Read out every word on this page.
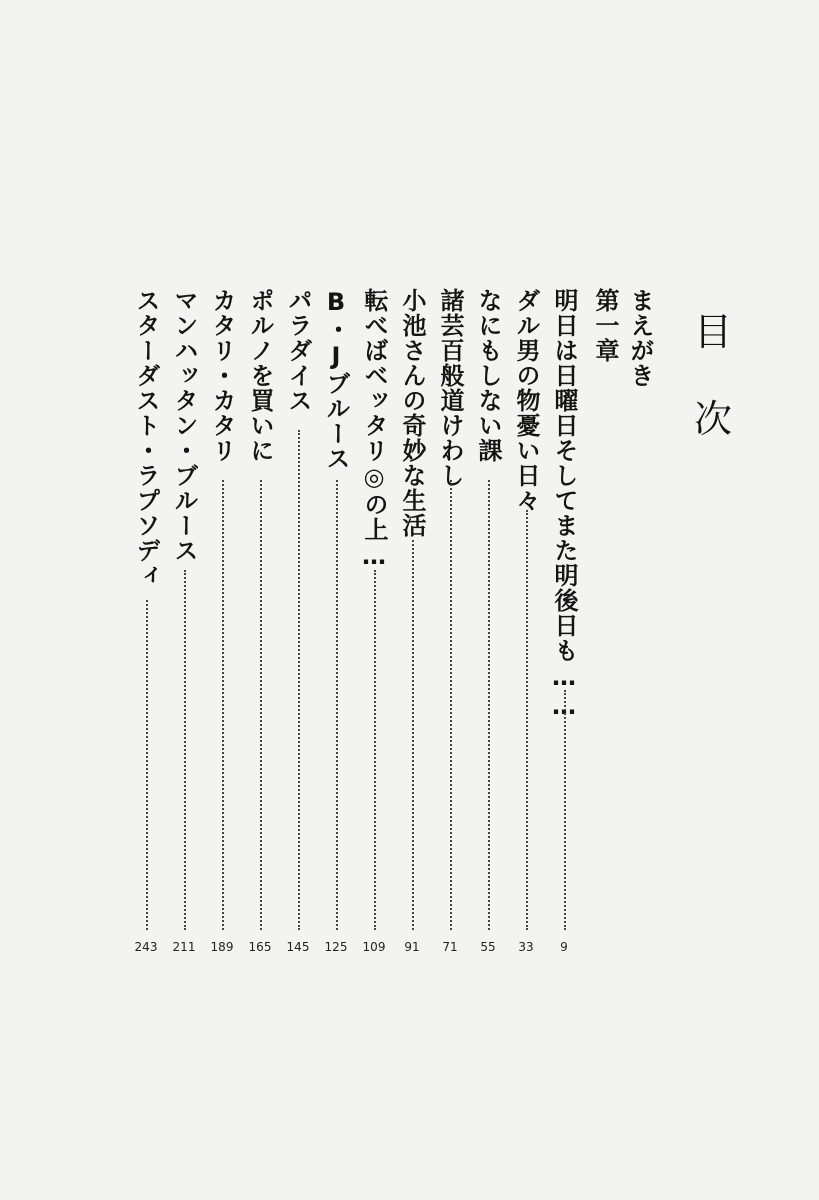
目
次
まえがき
第一章
明日は日曜日そしてまた明後日も……
9
ダル男の物憂い日々
33
なにもしない課
55
諸芸百般道けわし
71
小池さんの奇妙な生活
91
転べばベッタリ◎の上…
109
B・Jブルース
125
パラダイス
145
ポルノを買いに
165
カタリ・カタリ
189
マンハッタン・ブルース
211
スターダスト・ラプソディ
243
